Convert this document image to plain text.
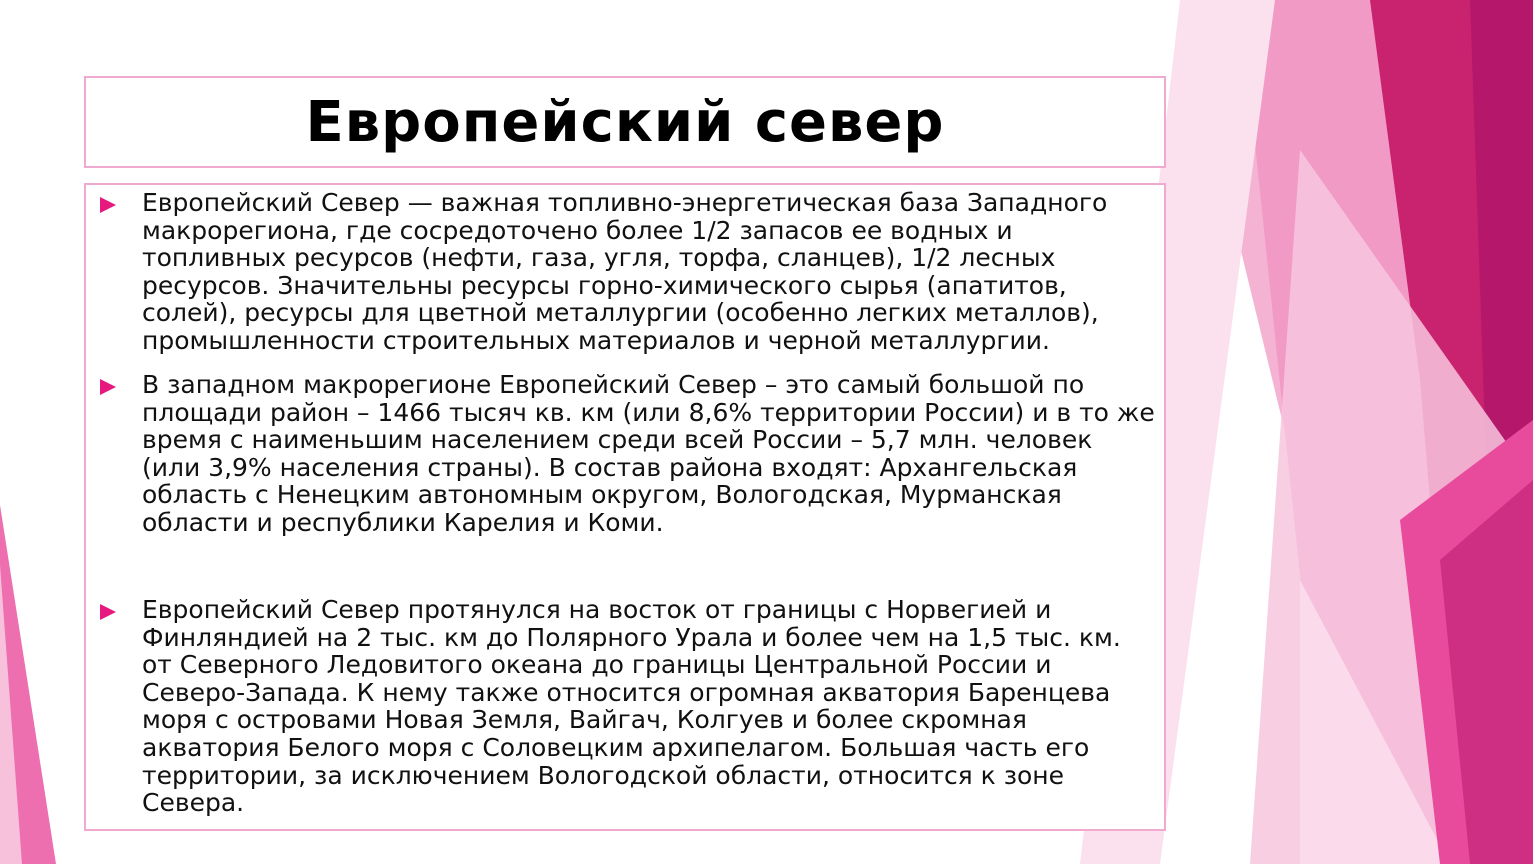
Европейский север
Европейский Север — важная топливно-энергетическая база Западного
макрорегиона, где сосредоточено более 1/2 запасов ее водных и
топливных ресурсов (нефти, газа, угля, торфа, сланцев), 1/2 лесных
ресурсов. Значительны ресурсы горно-химического сырья (апатитов,
солей), ресурсы для цветной металлургии (особенно легких металлов),
промышленности строительных материалов и черной металлургии.
В западном макрорегионе Европейский Север – это самый большой по
площади район – 1466 тысяч кв. км (или 8,6% территории России) и в то же
время с наименьшим населением среди всей России – 5,7 млн. человек
(или 3,9% населения страны). В состав района входят: Архангельская
область с Ненецким автономным округом, Вологодская, Мурманская
области и республики Карелия и Коми.
Европейский Север протянулся на восток от границы с Норвегией и
Финляндией на 2 тыс. км до Полярного Урала и более чем на 1,5 тыс. км.
от Северного Ледовитого океана до границы Центральной России и
Северо-Запада. К нему также относится огромная акватория Баренцева
моря с островами Новая Земля, Вайгач, Колгуев и более скромная
акватория Белого моря с Соловецким архипелагом. Большая часть его
территории, за исключением Вологодской области, относится к зоне
Севера.
